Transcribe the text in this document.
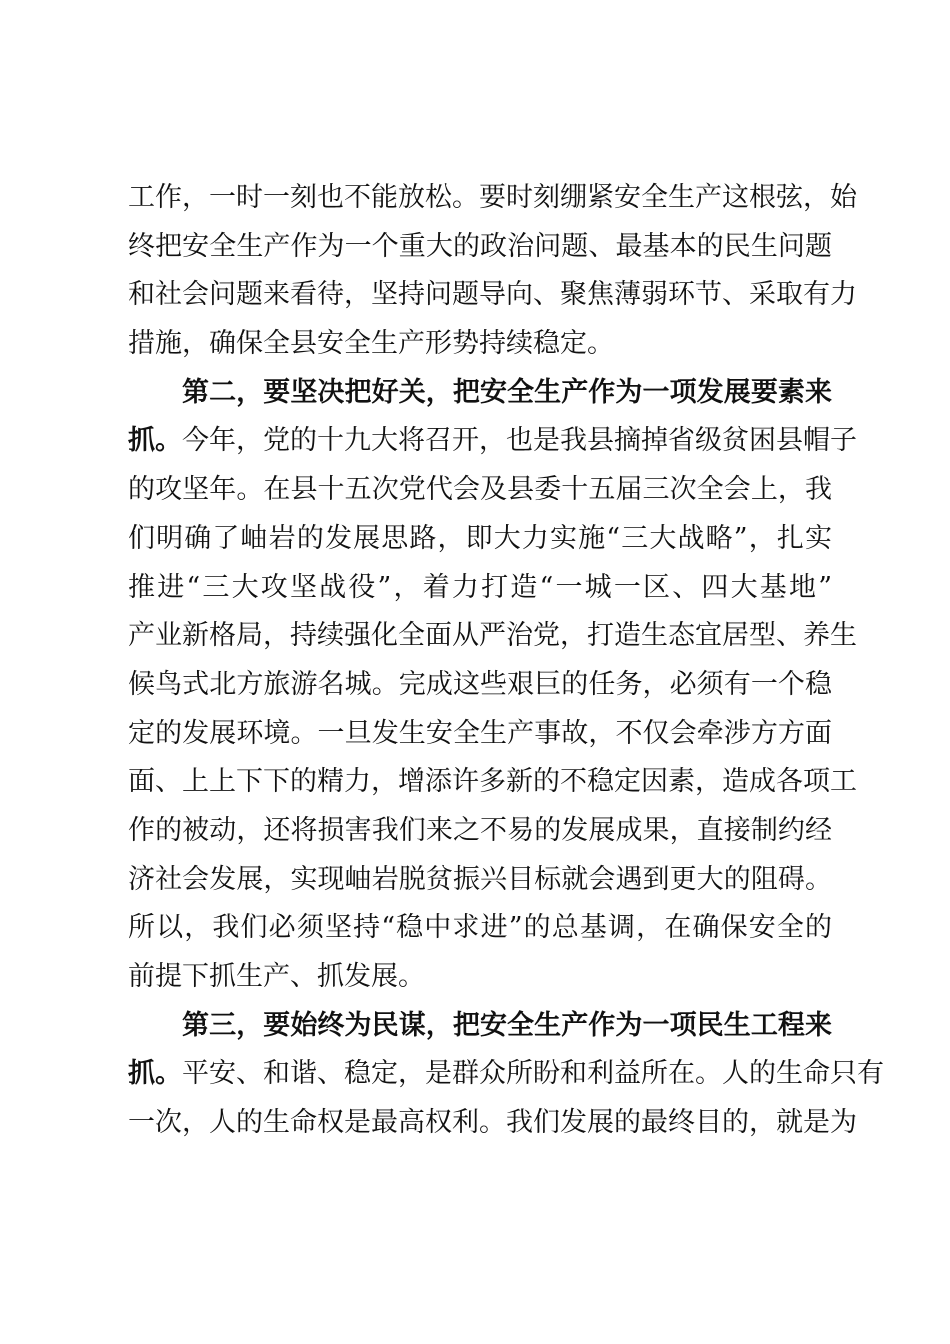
工作，一时一刻也不能放松。要时刻绷紧安全生产这根弦，始
终把安全生产作为一个重大的政治问题、最基本的民生问题
和社会问题来看待，坚持问题导向、聚焦薄弱环节、采取有力
措施，确保全县安全生产形势持续稳定。
第二，要坚决把好关，把安全生产作为一项发展要素来
抓。今年，党的十九大将召开，也是我县摘掉省级贫困县帽子
的攻坚年。在县十五次党代会及县委十五届三次全会上，我
们明确了岫岩的发展思路，即大力实施“三大战略”，扎实
推进“三大攻坚战役”，着力打造“一城一区、四大基地”
产业新格局，持续强化全面从严治党，打造生态宜居型、养生
候鸟式北方旅游名城。完成这些艰巨的任务，必须有一个稳
定的发展环境。一旦发生安全生产事故，不仅会牵涉方方面
面、上上下下的精力，增添许多新的不稳定因素，造成各项工
作的被动，还将损害我们来之不易的发展成果，直接制约经
济社会发展，实现岫岩脱贫振兴目标就会遇到更大的阻碍。
所以，我们必须坚持“稳中求进”的总基调，在确保安全的
前提下抓生产、抓发展。
第三，要始终为民谋，把安全生产作为一项民生工程来
抓。平安、和谐、稳定，是群众所盼和利益所在。人的生命只有
一次，人的生命权是最高权利。我们发展的最终目的，就是为
